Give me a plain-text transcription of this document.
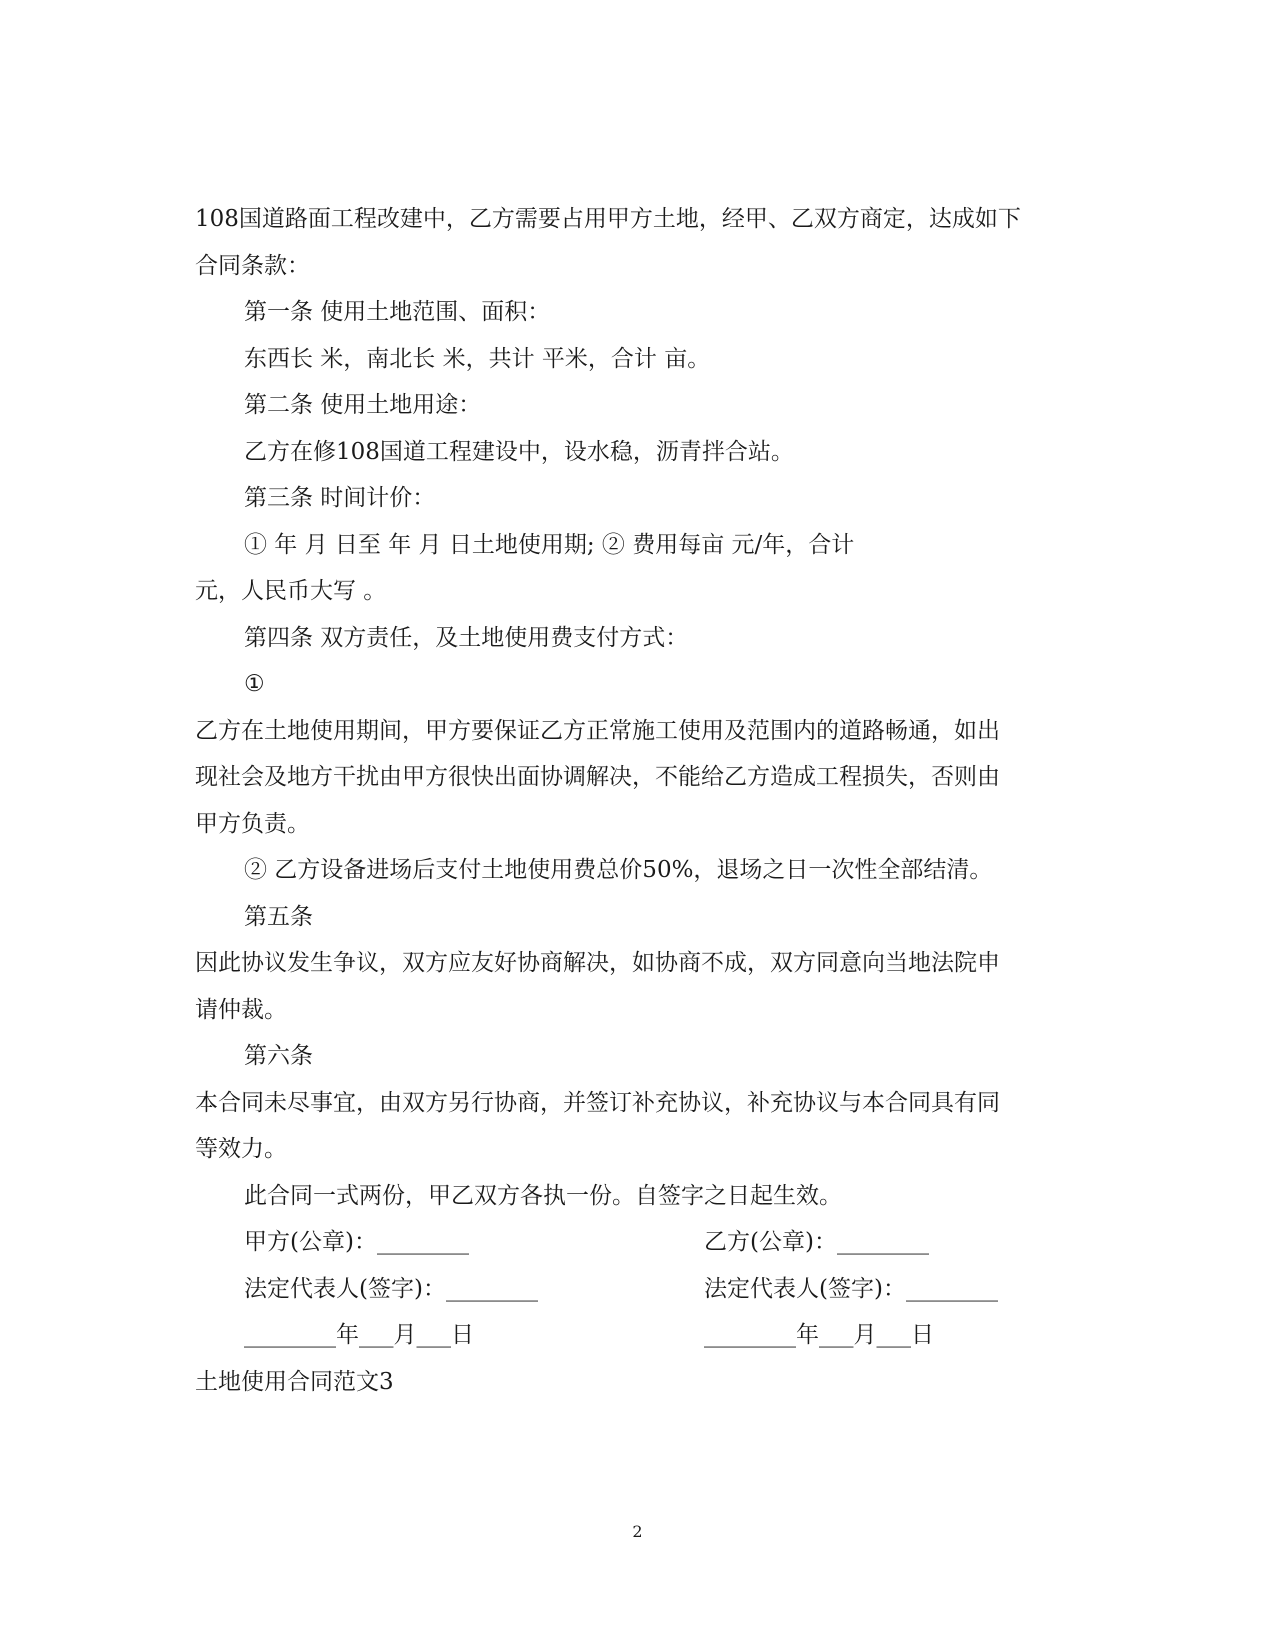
108国道路面工程改建中，乙方需要占用甲方土地，经甲、乙双方商定，达成如下
合同条款：
第一条 使用土地范围、面积：
东西长 米，南北长 米，共计 平米，合计 亩。
第二条 使用土地用途：
乙方在修108国道工程建设中，设水稳，沥青拌合站。
第三条 时间计价：
① 年 月 日至 年 月 日土地使用期; ② 费用每亩 元/年，合计
元，人民币大写 。
第四条 双方责任，及土地使用费支付方式：
①
乙方在土地使用期间，甲方要保证乙方正常施工使用及范围内的道路畅通，如出
现社会及地方干扰由甲方很快出面协调解决，不能给乙方造成工程损失，否则由
甲方负责。
② 乙方设备进场后支付土地使用费总价50%，退场之日一次性全部结清。
第五条
因此协议发生争议，双方应友好协商解决，如协商不成，双方同意向当地法院申
请仲裁。
第六条
本合同未尽事宜，由双方另行协商，并签订补充协议，补充协议与本合同具有同
等效力。
此合同一式两份，甲乙双方各执一份。自签字之日起生效。
甲方(公章)：________	乙方(公章)：________
法定代表人(签字)：________	法定代表人(签字)：________
________年___月___日	________年___月___日
土地使用合同范文3
2
